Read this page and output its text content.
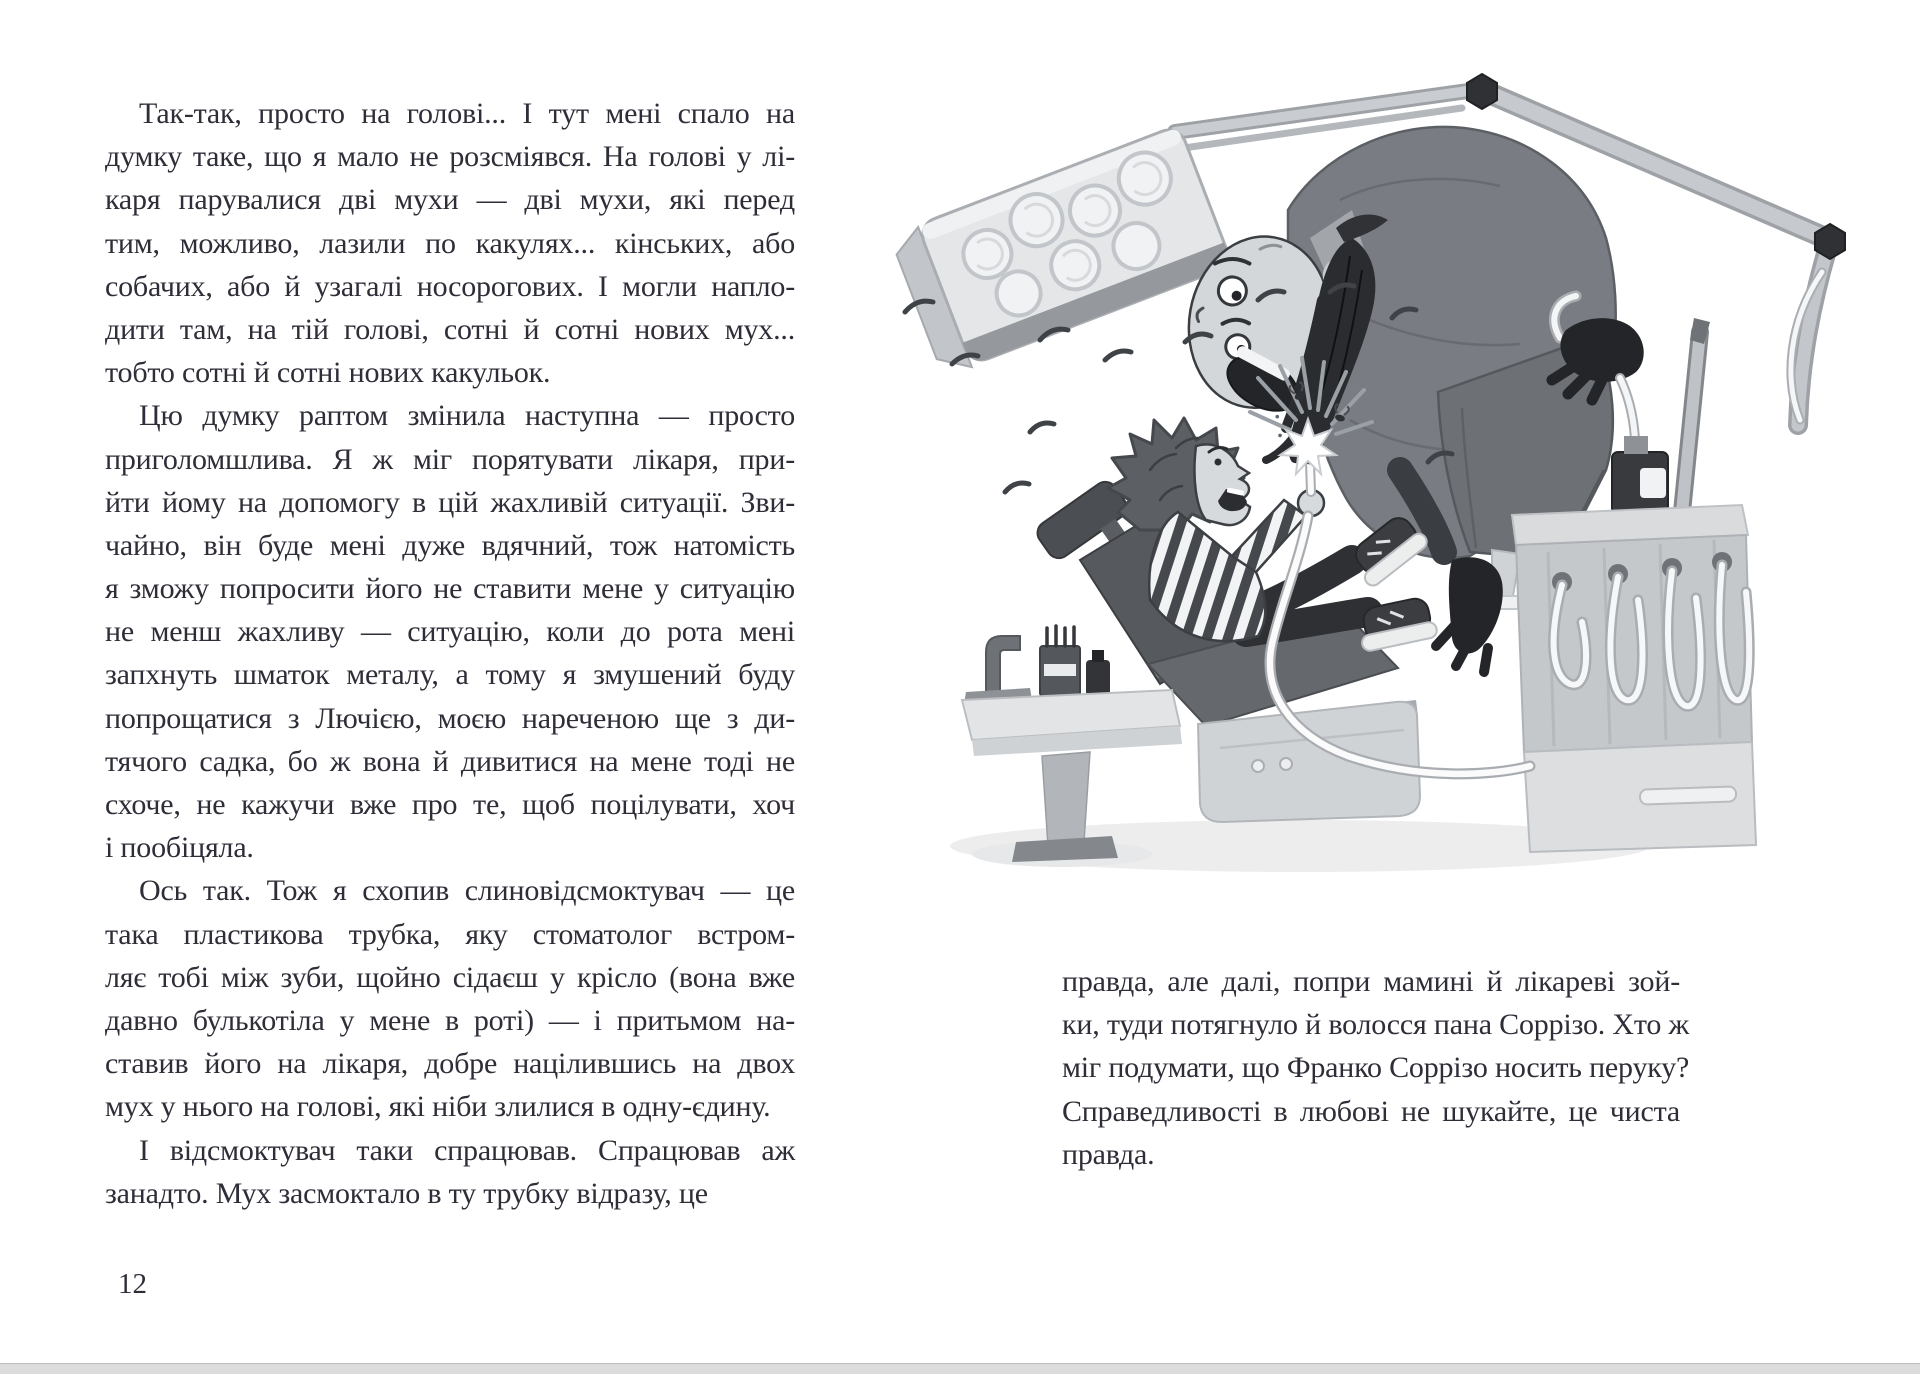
Так-так, просто на голові... І тут мені спало на
думку таке, що я мало не розсміявся. На голові у лі-
каря парувалися дві мухи — дві мухи, які перед
тим, можливо, лазили по какулях... кінських, або
собачих, або й узагалі носорогових. І могли напло-
дити там, на тій голові, сотні й сотні нових мух...
тобто сотні й сотні нових какульок.
Цю думку раптом змінила наступна — просто
приголомшлива. Я ж міг порятувати лікаря, при-
йти йому на допомогу в цій жахливій ситуації. Зви-
чайно, він буде мені дуже вдячний, тож натомість
я зможу попросити його не ставити мене у ситуацію
не менш жахливу — ситуацію, коли до рота мені
запхнуть шматок металу, а тому я змушений буду
попрощатися з Лючією, моєю нареченою ще з ди-
тячого садка, бо ж вона й дивитися на мене тоді не
схоче, не кажучи вже про те, щоб поцілувати, хоч
і пообіцяла.
Ось так. Тож я схопив слиновідсмоктувач — це
така пластикова трубка, яку стоматолог встром-
ляє тобі між зуби, щойно сідаєш у крісло (вона вже
давно булькотіла у мене в роті) — і притьмом на-
ставив його на лікаря, добре націлившись на двох
мух у нього на голові, які ніби злилися в одну-єдину.
І відсмоктувач таки спрацював. Спрацював аж
занадто. Мух засмоктало в ту трубку відразу, це
правда, але далі, попри мамині й лікареві зой-
ки, туди потягнуло й волосся пана Соррізо. Хто ж
міг подумати, що Франко Соррізо носить перуку?
Справедливості в любові не шукайте, це чиста
правда.
12
